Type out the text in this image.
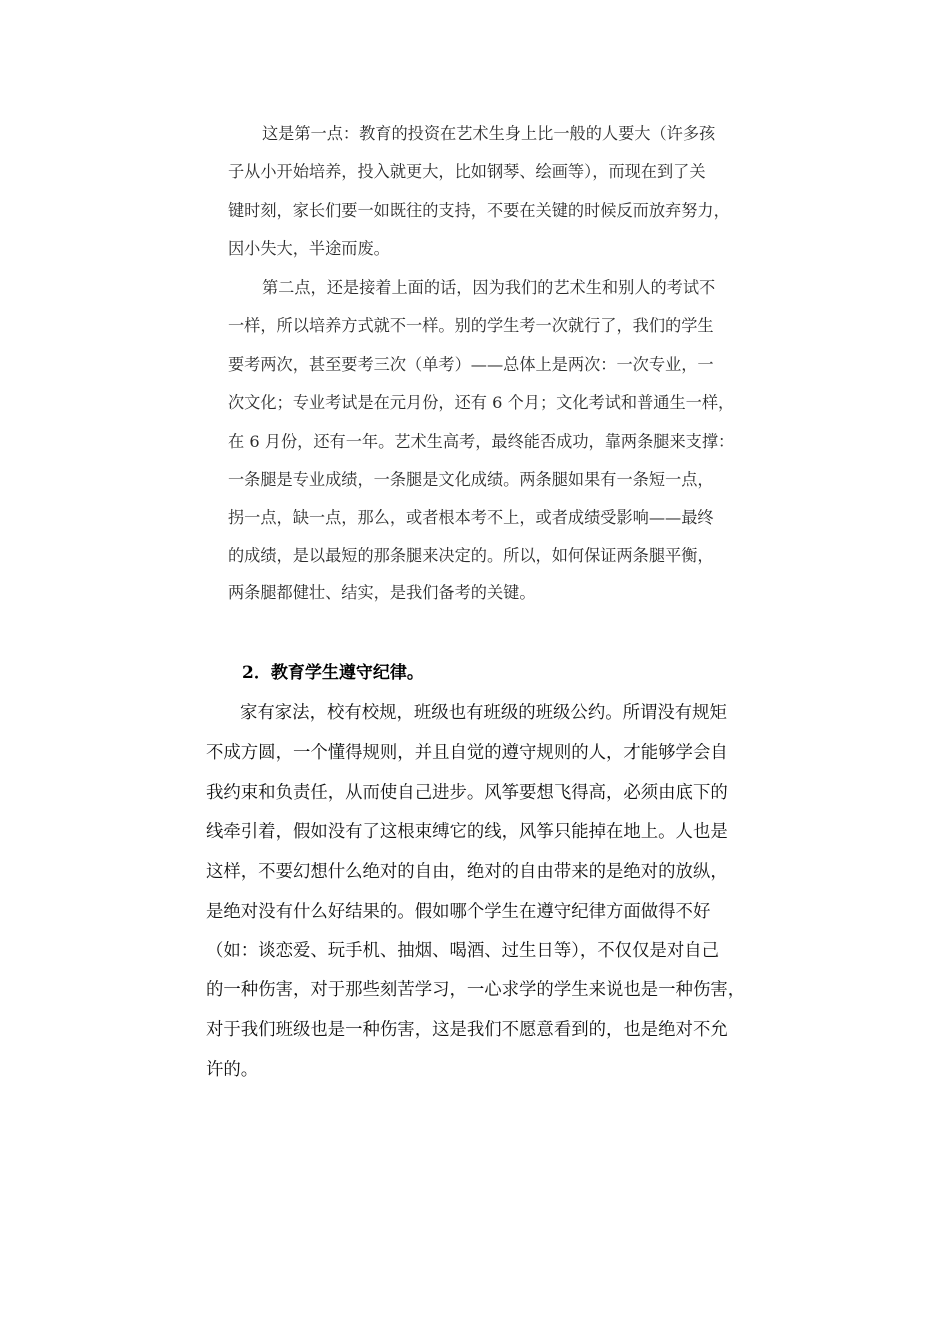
这是第一点：教育的投资在艺术生身上比一般的人要大（许多孩
子从小开始培养，投入就更大，比如钢琴、绘画等），而现在到了关
键时刻，家长们要一如既往的支持，不要在关键的时候反而放弃努力，
因小失大，半途而废。
第二点，还是接着上面的话，因为我们的艺术生和别人的考试不
一样，所以培养方式就不一样。别的学生考一次就行了，我们的学生
要考两次，甚至要考三次（单考）——总体上是两次：一次专业，一
次文化；专业考试是在元月份，还有 6 个月；文化考试和普通生一样，
在 6 月份，还有一年。艺术生高考，最终能否成功，靠两条腿来支撑：
一条腿是专业成绩，一条腿是文化成绩。两条腿如果有一条短一点，
拐一点，缺一点，那么，或者根本考不上，或者成绩受影响——最终
的成绩，是以最短的那条腿来决定的。所以，如何保证两条腿平衡，
两条腿都健壮、结实，是我们备考的关键。
2．教育学生遵守纪律。
家有家法，校有校规，班级也有班级的班级公约。所谓没有规矩
不成方圆，一个懂得规则，并且自觉的遵守规则的人，才能够学会自
我约束和负责任，从而使自己进步。风筝要想飞得高，必须由底下的
线牵引着，假如没有了这根束缚它的线，风筝只能掉在地上。人也是
这样，不要幻想什么绝对的自由，绝对的自由带来的是绝对的放纵，
是绝对没有什么好结果的。假如哪个学生在遵守纪律方面做得不好
（如：谈恋爱、玩手机、抽烟、喝酒、过生日等），不仅仅是对自己
的一种伤害，对于那些刻苦学习，一心求学的学生来说也是一种伤害，
对于我们班级也是一种伤害，这是我们不愿意看到的，也是绝对不允
许的。
